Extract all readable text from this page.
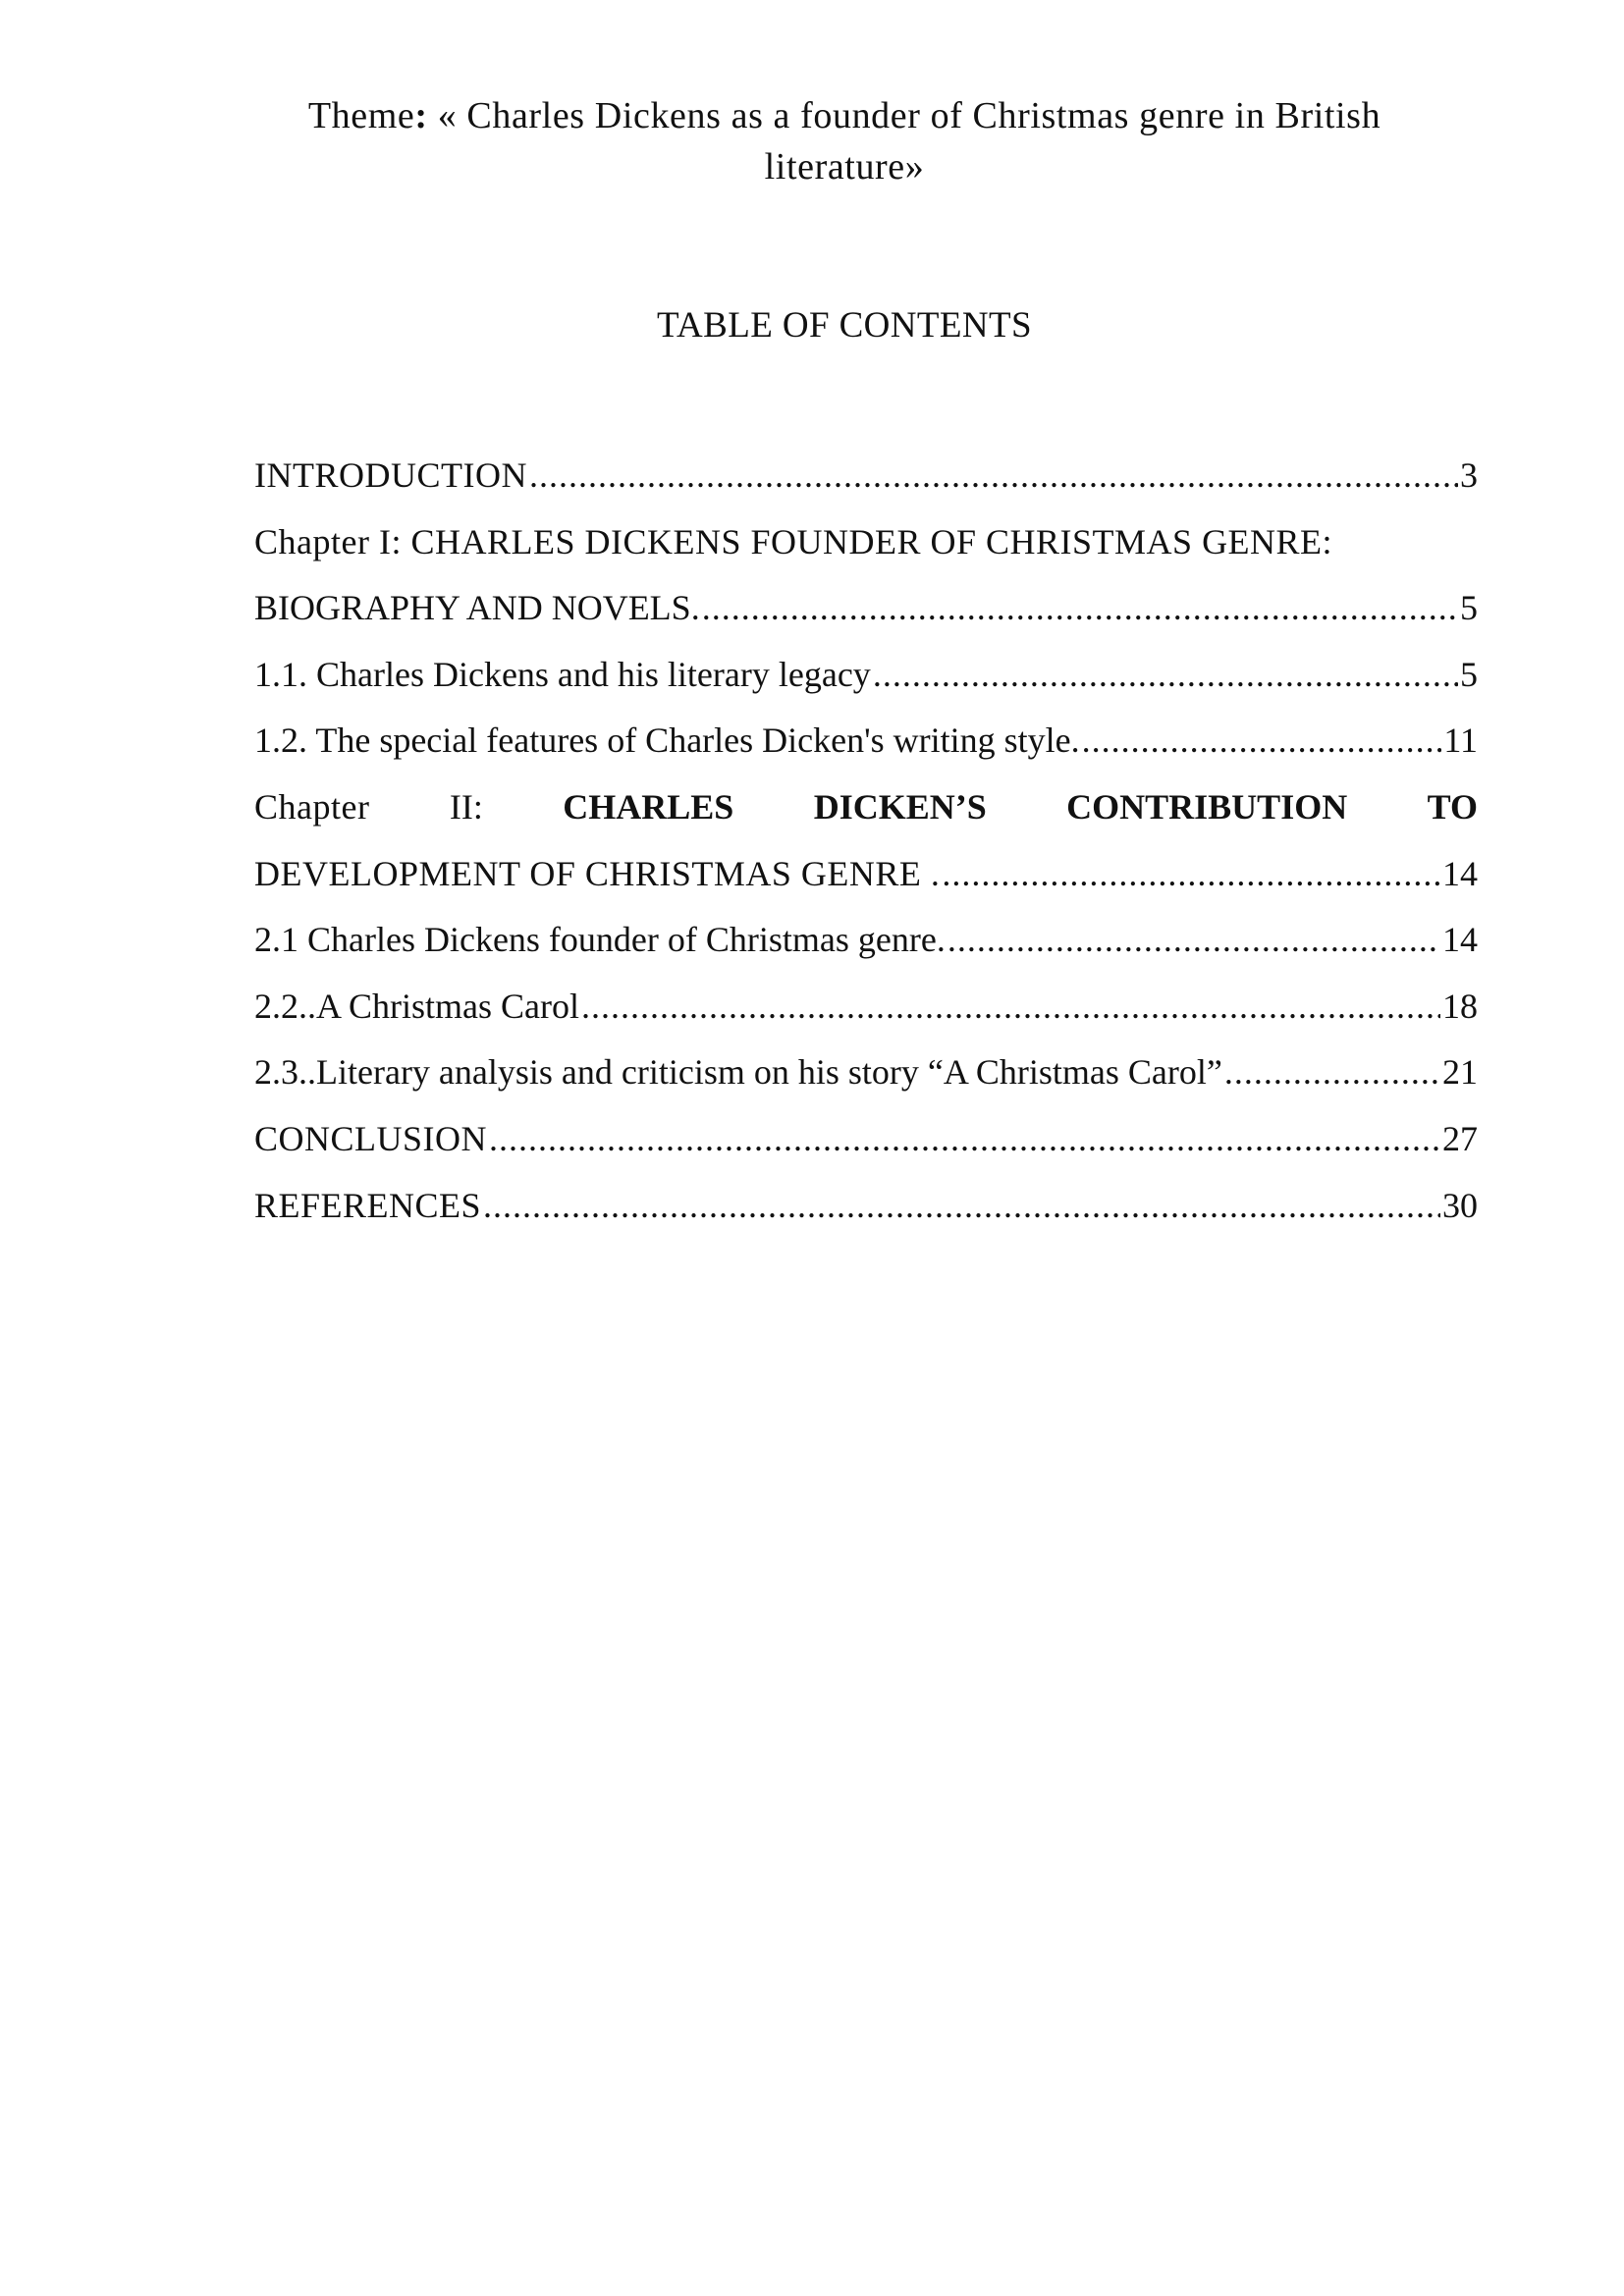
Theme: « Charles Dickens as a founder of Christmas genre in British
literature»
TABLE OF CONTENTS
INTRODUCTION .....	3
Chapter I: CHARLES DICKENS FOUNDER OF CHRISTMAS GENRE:
BIOGRAPHY AND NOVELS. .....	5
1.1. Charles Dickens and his literary legacy .....	5
1.2. The special features of Charles Dicken's writing style. .....	11
Chapter II: CHARLES DICKEN’S CONTRIBUTION TO
DEVELOPMENT OF CHRISTMAS GENRE . .....	14
2.1 Charles Dickens founder of Christmas genre. .....	14
2.2..A Christmas Carol .....	18
2.3..Literary analysis and criticism on his story “A Christmas Carol” .....	21
CONCLUSION .....	27
REFERENCES .....	30
